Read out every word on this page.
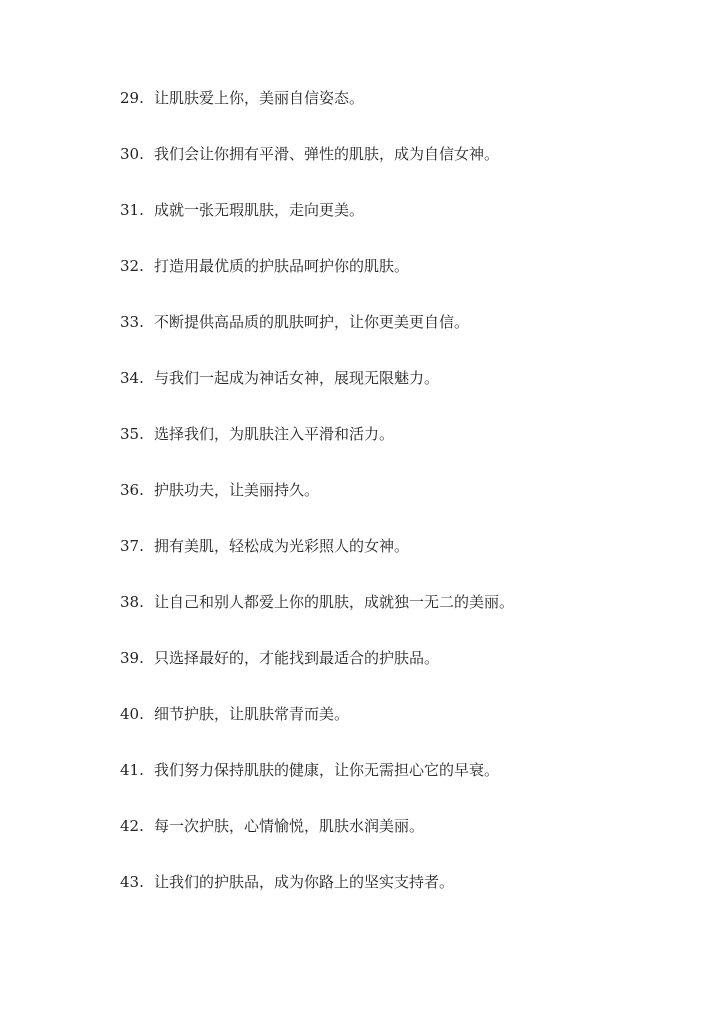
29. 让肌肤爱上你，美丽自信姿态。
30. 我们会让你拥有平滑、弹性的肌肤，成为自信女神。
31. 成就一张无瑕肌肤，走向更美。
32. 打造用最优质的护肤品呵护你的肌肤。
33. 不断提供高品质的肌肤呵护，让你更美更自信。
34. 与我们一起成为神话女神，展现无限魅力。
35. 选择我们，为肌肤注入平滑和活力。
36. 护肤功夫，让美丽持久。
37. 拥有美肌，轻松成为光彩照人的女神。
38. 让自己和别人都爱上你的肌肤，成就独一无二的美丽。
39. 只选择最好的，才能找到最适合的护肤品。
40. 细节护肤，让肌肤常青而美。
41. 我们努力保持肌肤的健康，让你无需担心它的早衰。
42. 每一次护肤，心情愉悦，肌肤水润美丽。
43. 让我们的护肤品，成为你路上的坚实支持者。
